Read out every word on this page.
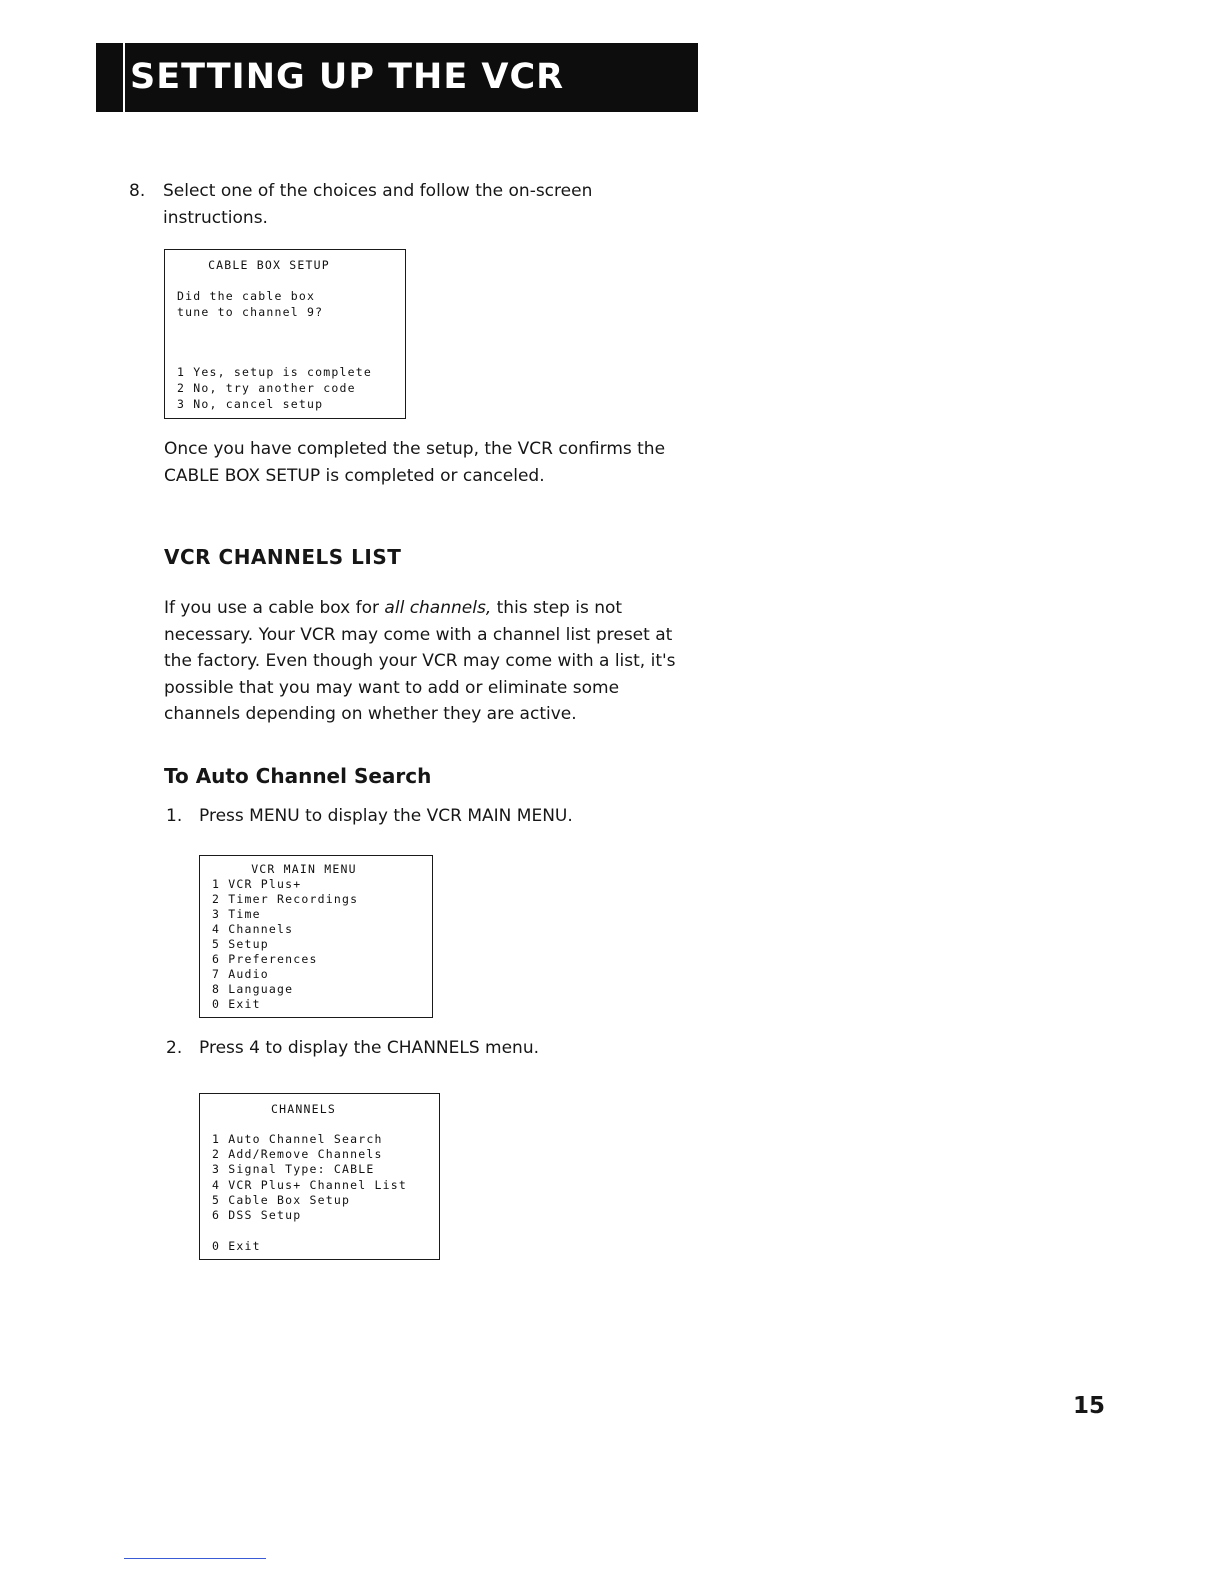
SETTING UP THE VCR
8. Select one of the choices and follow the on-screen instructions.

CABLE BOX SETUP

Did the cable box

tune to channel 9?

1 Yes, setup is complete

2 No, try another code

3 No, cancel setup

Once you have completed the setup, the VCR confirms the CABLE BOX SETUP is completed or canceled.
VCR CHANNELS LIST
If you use a cable box for all channels, this step is not necessary. Your VCR may come with a channel list preset at the factory. Even though your VCR may come with a list, it's possible that you may want to add or eliminate some channels depending on whether they are active.
To Auto Channel Search
1. Press MENU to display the VCR MAIN MENU.

VCR MAIN MENU

1 VCR Plus+

2 Timer Recordings

3 Time

4 Channels

5 Setup

6 Preferences

7 Audio

8 Language

0 Exit

2. Press 4 to display the CHANNELS menu.

CHANNELS

1 Auto Channel Search

2 Add/Remove Channels

3 Signal Type: CABLE

4 VCR Plus+ Channel List

5 Cable Box Setup

6 DSS Setup

0 Exit

15
